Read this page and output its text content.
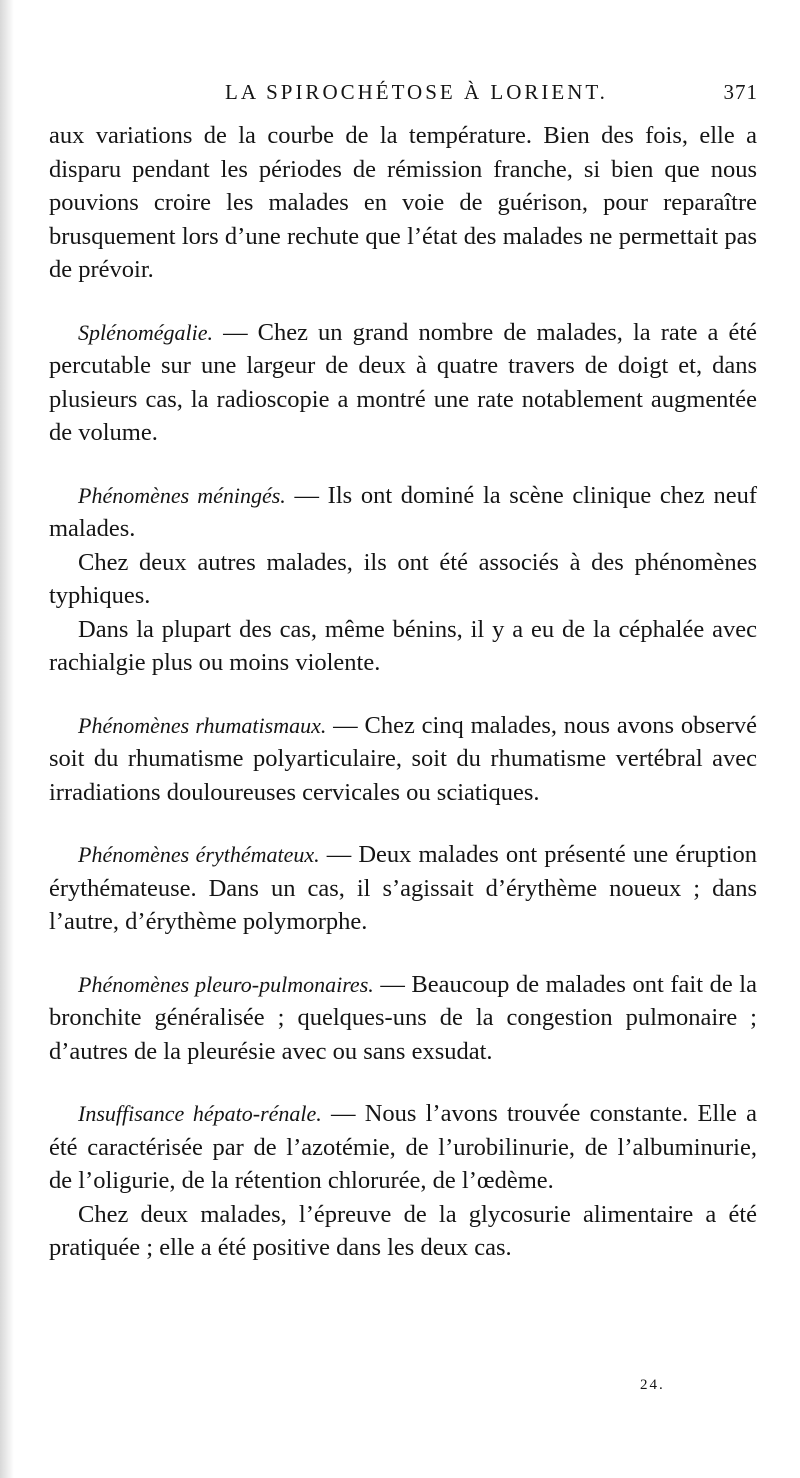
LA SPIROCHÉTOSE À LORIENT.	371

aux variations de la courbe de la température. Bien des fois, elle a disparu pendant les périodes de rémission franche, si bien que nous pouvions croire les malades en voie de guérison, pour reparaître brusquement lors d’une rechute que l’état des malades ne permettait pas de prévoir.

Splénomégalie. — Chez un grand nombre de malades, la rate a été percutable sur une largeur de deux à quatre travers de doigt et, dans plusieurs cas, la radioscopie a montré une rate notablement augmentée de volume.

Phénomènes méningés. — Ils ont dominé la scène clinique chez neuf malades.

Chez deux autres malades, ils ont été associés à des phénomènes typhiques.

Dans la plupart des cas, même bénins, il y a eu de la céphalée avec rachialgie plus ou moins violente.

Phénomènes rhumatismaux. — Chez cinq malades, nous avons observé soit du rhumatisme polyarticulaire, soit du rhumatisme vertébral avec irradiations douloureuses cervicales ou sciatiques.

Phénomènes érythémateux. — Deux malades ont présenté une éruption érythémateuse. Dans un cas, il s’agissait d’érythème noueux ; dans l’autre, d’érythème polymorphe.

Phénomènes pleuro-pulmonaires. — Beaucoup de malades ont fait de la bronchite généralisée ; quelques-uns de la congestion pulmonaire ; d’autres de la pleurésie avec ou sans exsudat.

Insuffisance hépato-rénale. — Nous l’avons trouvée constante. Elle a été caractérisée par de l’azotémie, de l’urobilinurie, de l’albuminurie, de l’oligurie, de la rétention chlorurée, de l’œdème.

Chez deux malades, l’épreuve de la glycosurie alimentaire a été pratiquée ; elle a été positive dans les deux cas.

24.
